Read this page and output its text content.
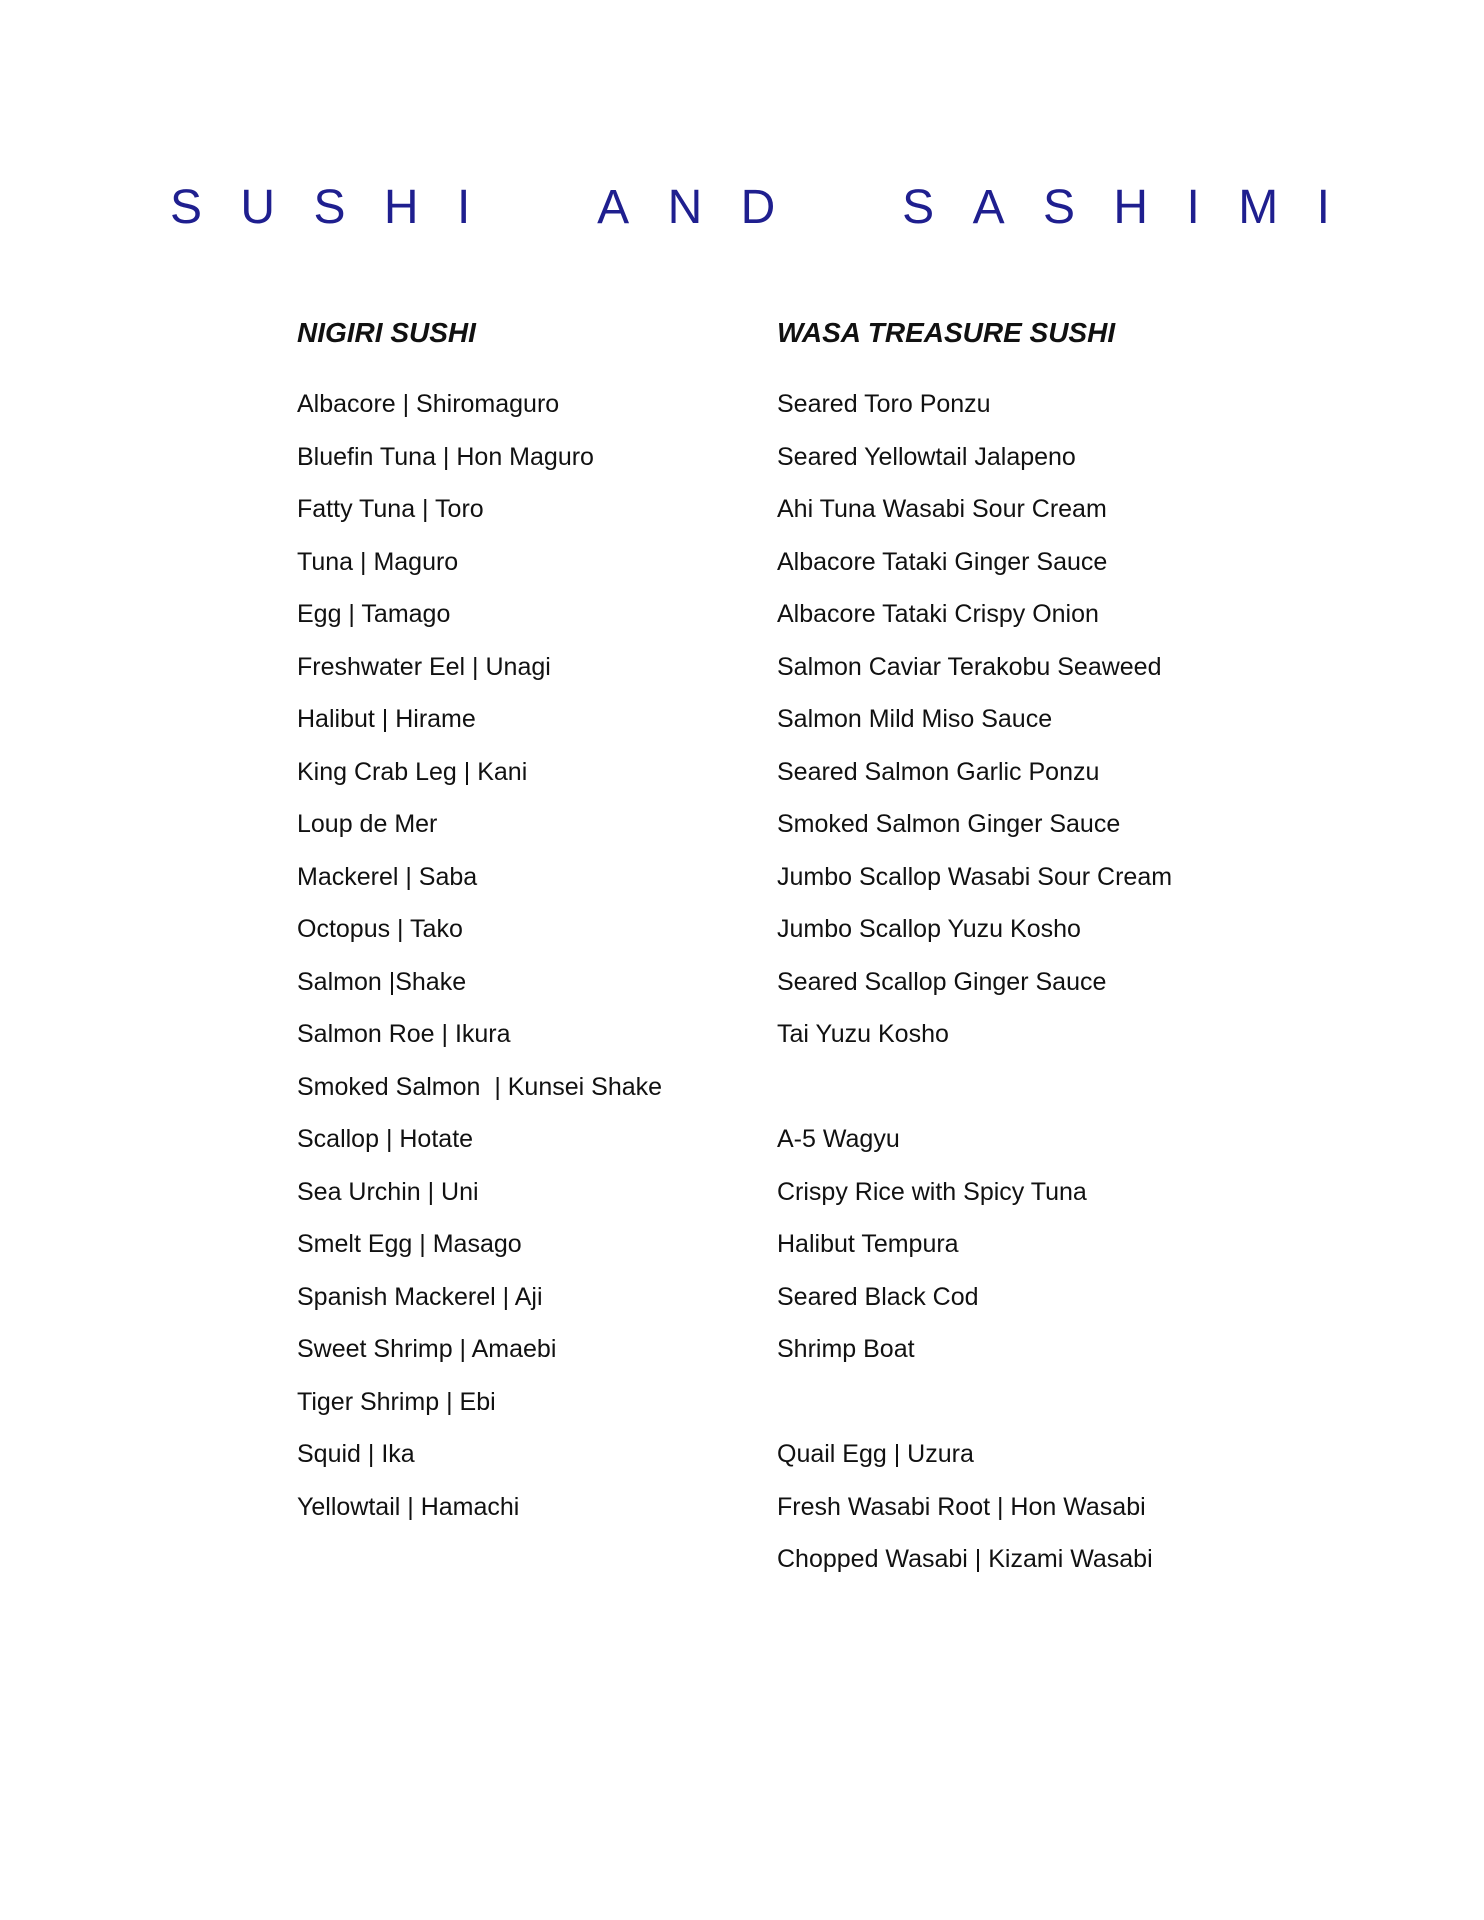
S U S H I	A N D	S A S H I M I
NIGIRI SUSHI
Albacore | Shiromaguro
Bluefin Tuna | Hon Maguro
Fatty Tuna | Toro
Tuna | Maguro
Egg | Tamago
Freshwater Eel | Unagi
Halibut | Hirame
King Crab Leg | Kani
Loup de Mer
Mackerel | Saba
Octopus | Tako
Salmon |Shake
Salmon Roe | Ikura
Smoked Salmon  | Kunsei Shake
Scallop | Hotate
Sea Urchin | Uni
Smelt Egg | Masago
Spanish Mackerel | Aji
Sweet Shrimp | Amaebi
Tiger Shrimp | Ebi
Squid | Ika
Yellowtail | Hamachi
WASA TREASURE SUSHI
Seared Toro Ponzu
Seared Yellowtail Jalapeno
Ahi Tuna Wasabi Sour Cream
Albacore Tataki Ginger Sauce
Albacore Tataki Crispy Onion
Salmon Caviar Terakobu Seaweed
Salmon Mild Miso Sauce
Seared Salmon Garlic Ponzu
Smoked Salmon Ginger Sauce
Jumbo Scallop Wasabi Sour Cream
Jumbo Scallop Yuzu Kosho
Seared Scallop Ginger Sauce
Tai Yuzu Kosho
A-5 Wagyu
Crispy Rice with Spicy Tuna
Halibut Tempura
Seared Black Cod
Shrimp Boat
Quail Egg | Uzura
Fresh Wasabi Root | Hon Wasabi
Chopped Wasabi | Kizami Wasabi
